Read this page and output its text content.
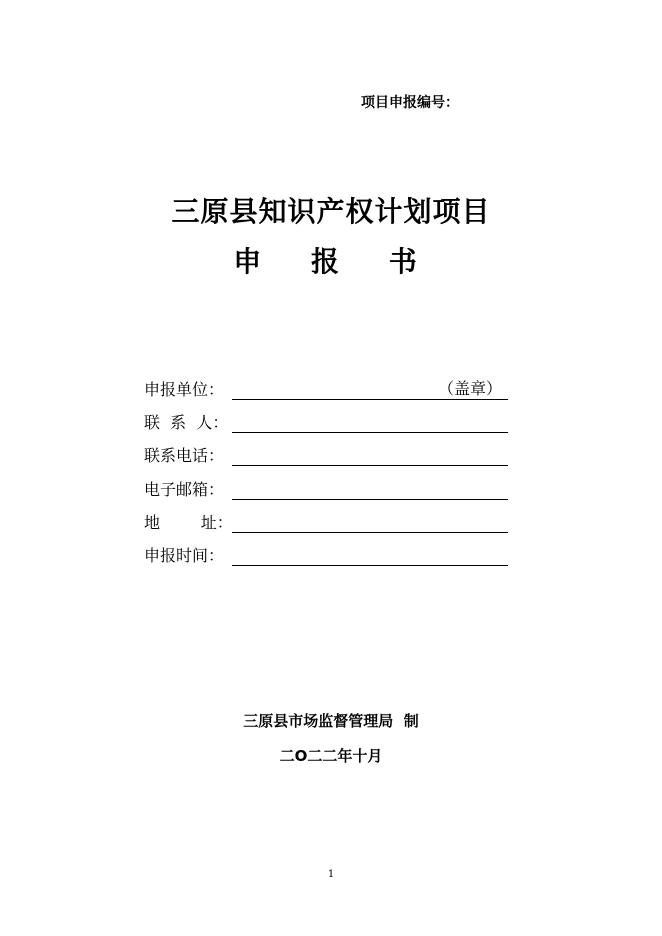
项目申报编号：
三原县知识产权计划项目
申 报 书
申报单位：	（盖章）
联  系  人：
联系电话：
电子邮箱：
地        址：
申报时间：
三原县市场监督管理局  制
二O二二年十月
1
